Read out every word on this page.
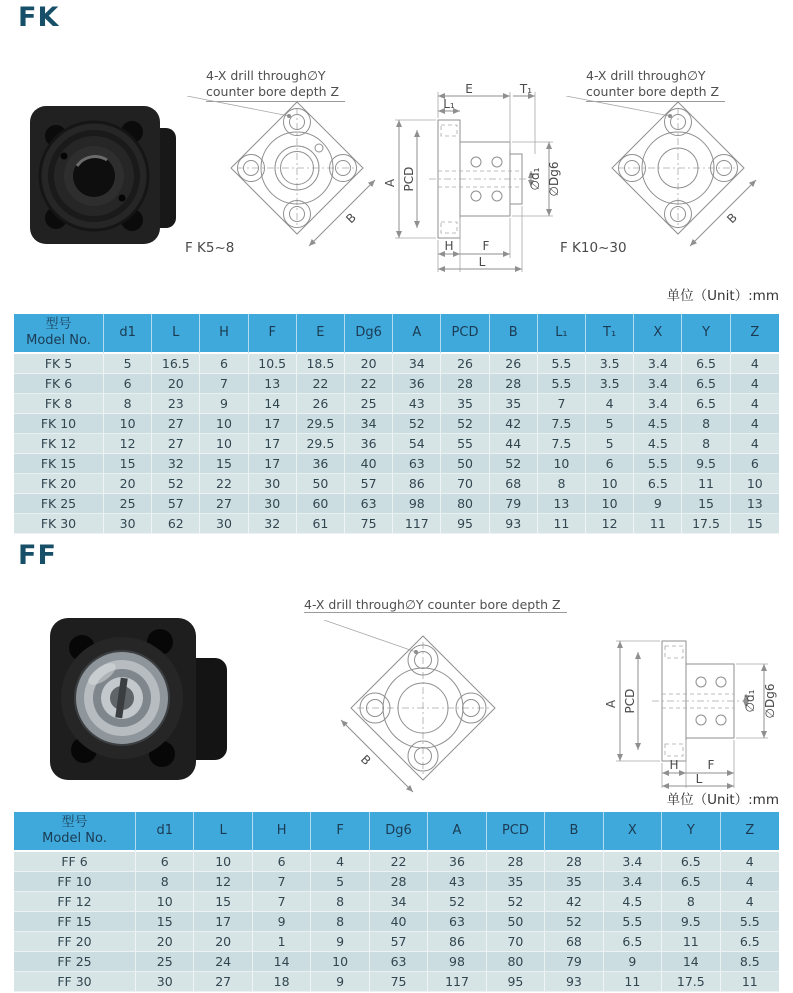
FK
4-X drill through∅Y
counter bore depth Z
B
F K5~8
E	T₁
L₁
A PCD	∅d₁ ∅Dg6
H F
L
4-X drill through∅Y
counter bore depth Z
B
F K10~30
单位（Unit）:mm
型号
Model No.	d1	L	H	F	E	Dg6	A	PCD	B	L₁	T₁	X	Y	Z
FK 5	5	16.5	6	10.5	18.5	20	34	26	26	5.5	3.5	3.4	6.5	4
FK 6	6	20	7	13	22	22	36	28	28	5.5	3.5	3.4	6.5	4
FK 8	8	23	9	14	26	25	43	35	35	7	4	3.4	6.5	4
FK 10	10	27	10	17	29.5	34	52	52	42	7.5	5	4.5	8	4
FK 12	12	27	10	17	29.5	36	54	55	44	7.5	5	4.5	8	4
FK 15	15	32	15	17	36	40	63	50	52	10	6	5.5	9.5	6
FK 20	20	52	22	30	50	57	86	70	68	8	10	6.5	11	10
FK 25	25	57	27	30	60	63	98	80	79	13	10	9	15	13
FK 30	30	62	30	32	61	75	117	95	93	11	12	11	17.5	15
FF
4-X drill through∅Y counter bore depth Z
B
A PCD	∅d₁ ∅Dg6
H F
L
单位（Unit）:mm
型号
Model No.	d1	L	H	F	Dg6	A	PCD	B	X	Y	Z
FF 6	6	10	6	4	22	36	28	28	3.4	6.5	4
FF 10	8	12	7	5	28	43	35	35	3.4	6.5	4
FF 12	10	15	7	8	34	52	52	42	4.5	8	4
FF 15	15	17	9	8	40	63	50	52	5.5	9.5	5.5
FF 20	20	20	1	9	57	86	70	68	6.5	11	6.5
FF 25	25	24	14	10	63	98	80	79	9	14	8.5
FF 30	30	27	18	9	75	117	95	93	11	17.5	11
